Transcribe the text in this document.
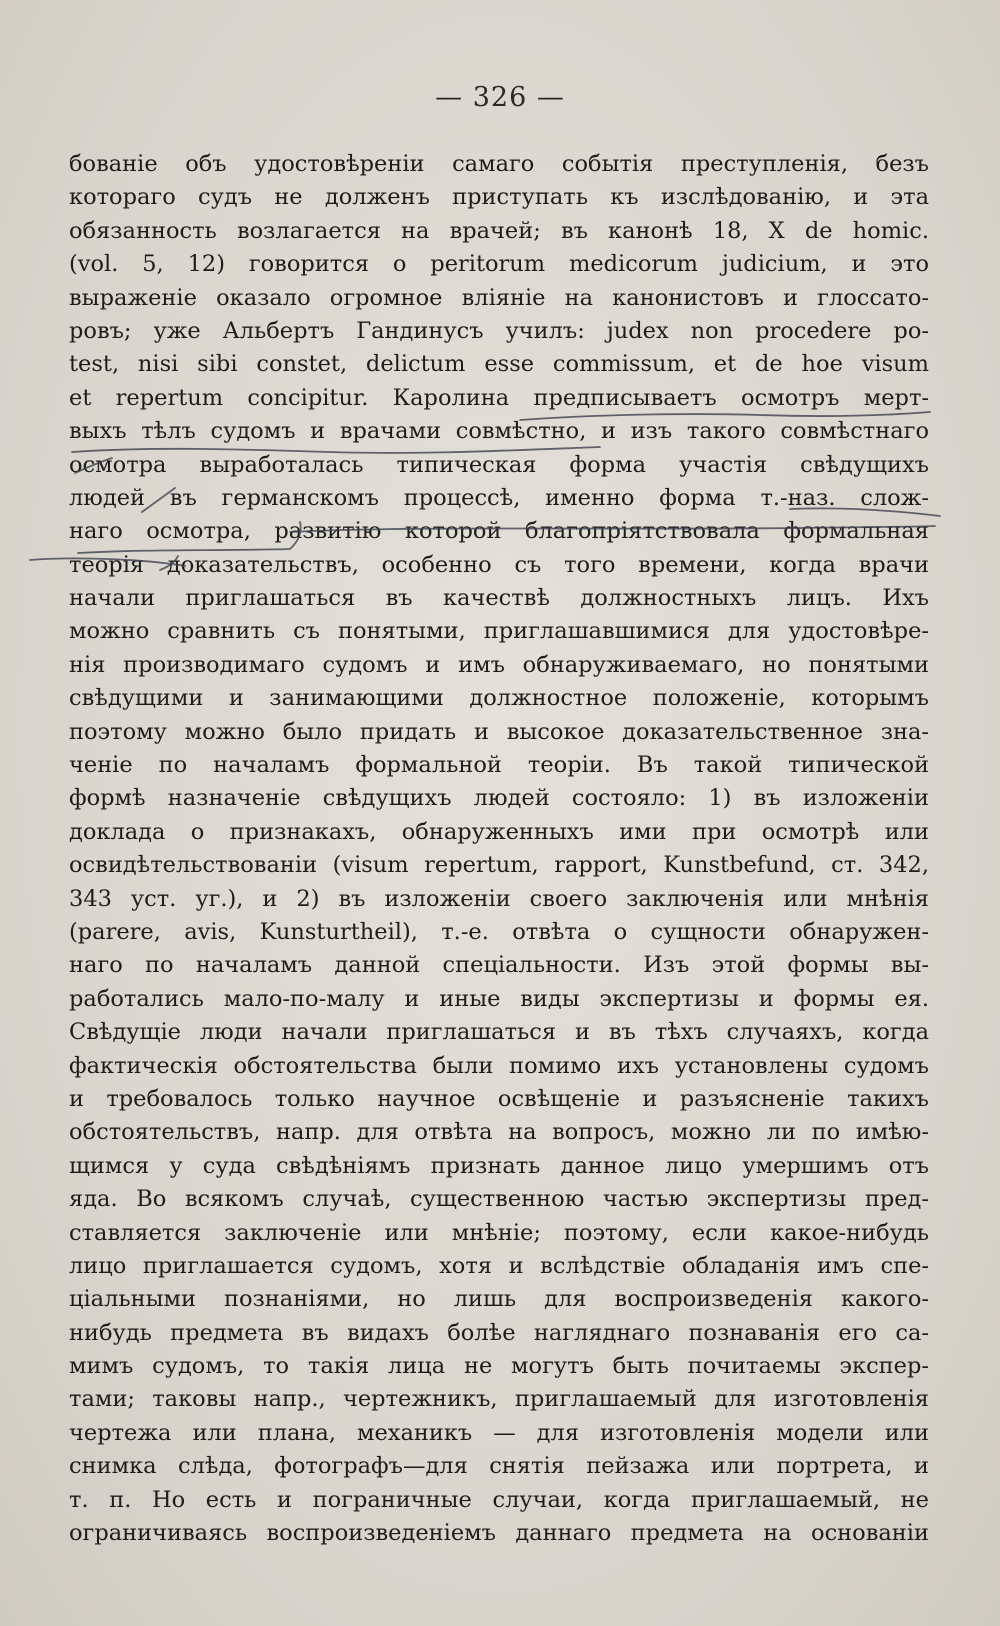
— 326 —
бованіе объ удостовѣреніи самаго событія преступленія, безъ
котораго судъ не долженъ приступать къ изслѣдованію, и эта
обязанность возлагается на врачей; въ канонѣ 18, X de homic.
(vol. 5, 12) говорится о peritorum medicorum judicium, и это
выраженіе оказало огромное вліяніе на канонистовъ и глоссато-
ровъ; уже Альбертъ Гандинусъ училъ: judex non procedere po-
test, nisi sibi constet, delictum esse commissum, et de hoe visum
et repertum concipitur. Каролина предписываетъ осмотръ мерт-
выхъ тѣлъ судомъ и врачами совмѣстно, и изъ такого совмѣстнаго
осмотра выработалась типическая форма участія свѣдущихъ
людей въ германскомъ процессѣ, именно форма т.-наз. слож-
наго осмотра, развитію которой благопріятствовала формальная
теорія доказательствъ, особенно съ того времени, когда врачи
начали приглашаться въ качествѣ должностныхъ лицъ. Ихъ
можно сравнить съ понятыми, приглашавшимися для удостовѣре-
нія производимаго судомъ и имъ обнаруживаемаго, но понятыми
свѣдущими и занимающими должностное положеніе, которымъ
поэтому можно было придать и высокое доказательственное зна-
ченіе по началамъ формальной теоріи. Въ такой типической
формѣ назначеніе свѣдущихъ людей состояло: 1) въ изложеніи
доклада о признакахъ, обнаруженныхъ ими при осмотрѣ или
освидѣтельствованіи (visum repertum, rapport, Kunstbefund, ст. 342,
343 уст. уг.), и 2) въ изложеніи своего заключенія или мнѣнія
(parere, avis, Kunsturtheil), т.-е. отвѣта о сущности обнаружен-
наго по началамъ данной спеціальности. Изъ этой формы вы-
работались мало-по-малу и иные виды экспертизы и формы ея.
Свѣдущіе люди начали приглашаться и въ тѣхъ случаяхъ, когда
фактическія обстоятельства были помимо ихъ установлены судомъ
и требовалось только научное освѣщеніе и разъясненіе такихъ
обстоятельствъ, напр. для отвѣта на вопросъ, можно ли по имѣю-
щимся у суда свѣдѣніямъ признать данное лицо умершимъ отъ
яда. Во всякомъ случаѣ, существенною частью экспертизы пред-
ставляется заключеніе или мнѣніе; поэтому, если какое-нибудь
лицо приглашается судомъ, хотя и вслѣдствіе обладанія имъ спе-
ціальными познаніями, но лишь для воспроизведенія какого-
нибудь предмета въ видахъ болѣе нагляднаго познаванія его са-
мимъ судомъ, то такія лица не могутъ быть почитаемы экспер-
тами; таковы напр., чертежникъ, приглашаемый для изготовленія
чертежа или плана, механикъ — для изготовленія модели или
снимка слѣда, фотографъ—для снятія пейзажа или портрета, и
т. п. Но есть и пограничные случаи, когда приглашаемый, не
ограничиваясь воспроизведеніемъ даннаго предмета на основаніи
